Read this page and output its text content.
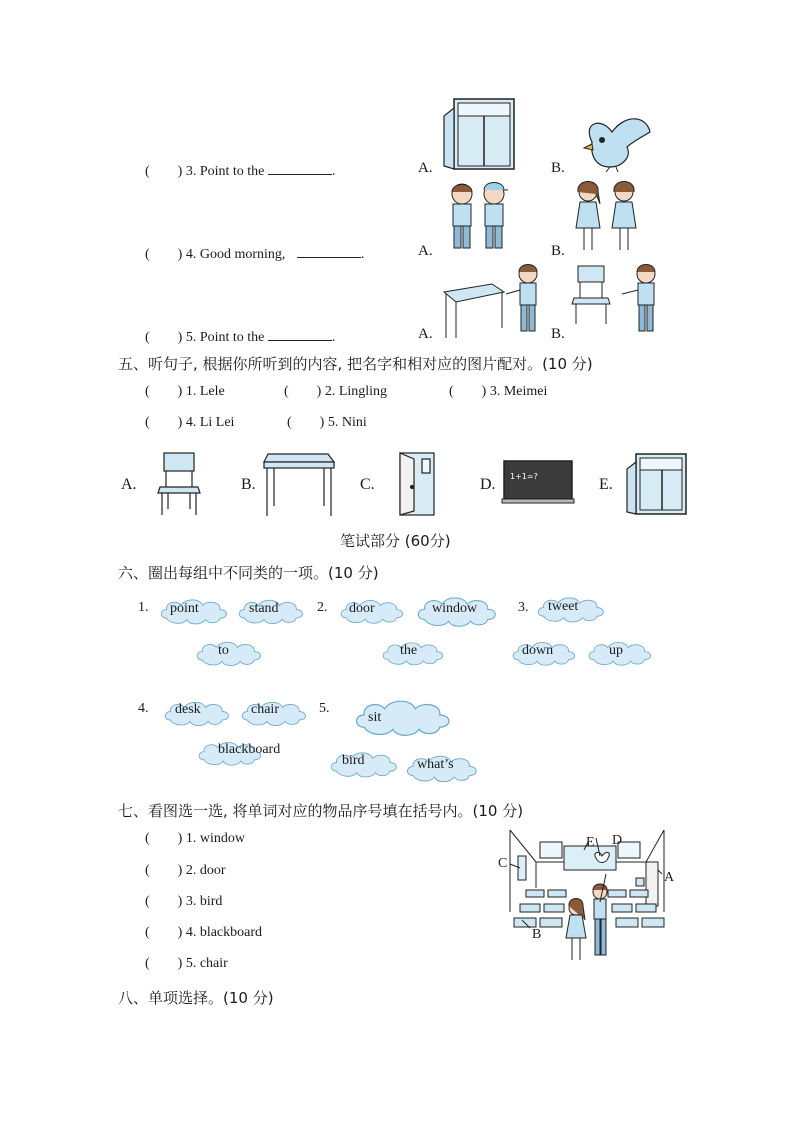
(        ) 3. Point to the	.	A.	B.
(        ) 4. Good morning,	.	A.	B.
(        ) 5. Point to the	.	A.	B.
五、听句子, 根据你所听到的内容, 把名字和相对应的图片配对。(10 分)
(        ) 1. Lele	(        ) 2. Lingling	(        ) 3. Meimei
(        ) 4. Li Lei	(        ) 5. Nini
A.	B.	C.	D.	E.
1+1=?
笔试部分 (60分)
六、圈出每组中不同类的一项。(10 分)
1.	2.	3.
4.	5.
point	stand
to
door	window
the
tweet
down	up
desk	chair
sit
blackboard
bird	what’s
七、看图选一选, 将单词对应的物品序号填在括号内。(10 分)
(        ) 1. window
(        ) 2. door
(        ) 3. bird
(        ) 4. blackboard
(        ) 5. chair
C
B
E D
A
八、单项选择。(10 分)
